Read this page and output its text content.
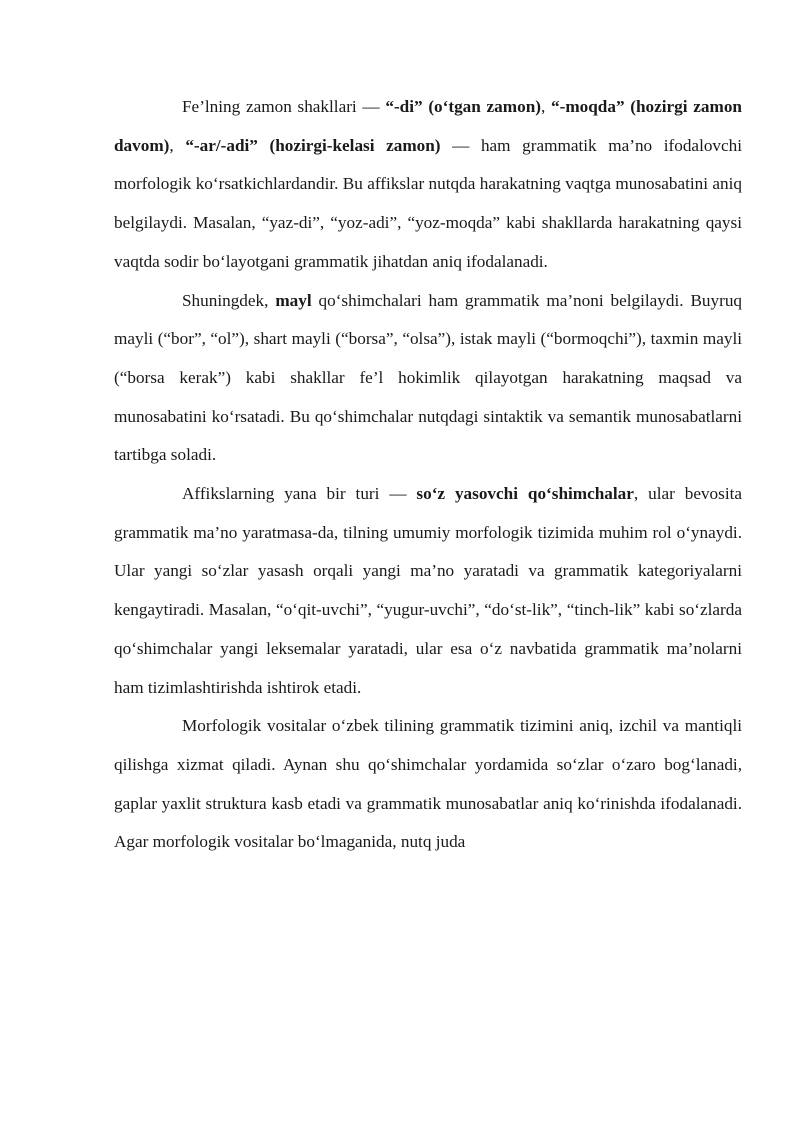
Fe’lning zamon shakllari — “-di” (o‘tgan zamon), “-moqda” (hozirgi zamon davom), “-ar/-adi” (hozirgi-kelasi zamon) — ham grammatik ma’no ifodalovchi morfologik ko‘rsatkichlardandir. Bu affikslar nutqda harakatning vaqtga munosabatini aniq belgilaydi. Masalan, “yaz-di”, “yoz-adi”, “yoz-moqda” kabi shakllarda harakatning qaysi vaqtda sodir bo‘layotgani grammatik jihatdan aniq ifodalanadi.

Shuningdek, mayl qo‘shimchalari ham grammatik ma’noni belgilaydi. Buyruq mayli (“bor”, “ol”), shart mayli (“borsa”, “olsa”), istak mayli (“bormoqchi”), taxmin mayli (“borsa kerak”) kabi shakllar fe’l hokimlik qilayotgan harakatning maqsad va munosabatini ko‘rsatadi. Bu qo‘shimchalar nutqdagi sintaktik va semantik munosabatlarni tartibga soladi.

Affikslarning yana bir turi — so‘z yasovchi qo‘shimchalar, ular bevosita grammatik ma’no yaratmasa-da, tilning umumiy morfologik tizimida muhim rol o‘ynaydi. Ular yangi so‘zlar yasash orqali yangi ma’no yaratadi va grammatik kategoriyalarni kengaytiradi. Masalan, “o‘qit-uvchi”, “yugur-uvchi”, “do‘st-lik”, “tinch-lik” kabi so‘zlarda qo‘shimchalar yangi leksemalar yaratadi, ular esa o‘z navbatida grammatik ma’nolarni ham tizimlashtirishda ishtirok etadi.

Morfologik vositalar o‘zbek tilining grammatik tizimini aniq, izchil va mantiqli qilishga xizmat qiladi. Aynan shu qo‘shimchalar yordamida so‘zlar o‘zaro bog‘lanadi, gaplar yaxlit struktura kasb etadi va grammatik munosabatlar aniq ko‘rinishda ifodalanadi. Agar morfologik vositalar bo‘lmaganida, nutq juda
